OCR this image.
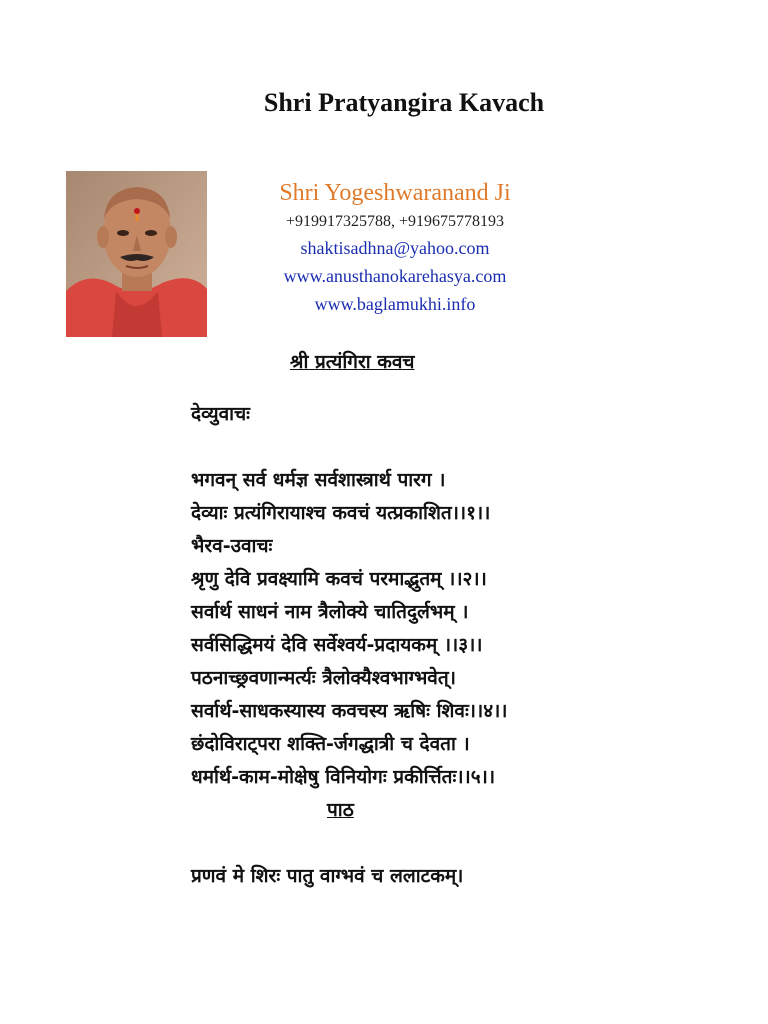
Shri Pratyangira Kavach
Shri Yogeshwaranand Ji
+919917325788, +919675778193
shaktisadhna@yahoo.com
www.anusthanokarehasya.com
www.baglamukhi.info
श्री प्रत्यंगिरा कवच
देव्युवाचः
भगवन् सर्व धर्मज्ञ सर्वशास्त्रार्थ पारग ।
देव्याः प्रत्यंगिरायाश्च कवचं यत्प्रकाशित।।१।।
भैरव-उवाचः
श्रृणु देवि प्रवक्ष्यामि कवचं परमाद्भुतम् ।।२।।
सर्वार्थ साधनं नाम त्रैलोक्ये चातिदुर्लभम् ।
सर्वसिद्धिमयं देवि सर्वेश्वर्य-प्रदायकम् ।।३।।
पठनाच्छ्रवणान्मर्त्यः त्रैलोक्यैश्वभाग्भवेत्।
सर्वार्थ-साधकस्यास्य कवचस्य ऋषिः शिवः।।४।।
छंदोविराट्परा शक्ति-र्जगद्धात्री च देवता ।
धर्मार्थ-काम-मोक्षेषु विनियोगः प्रकीर्त्तितः।।५।।
पाठ
प्रणवं मे शिरः पातु वाग्भवं च ललाटकम्।
